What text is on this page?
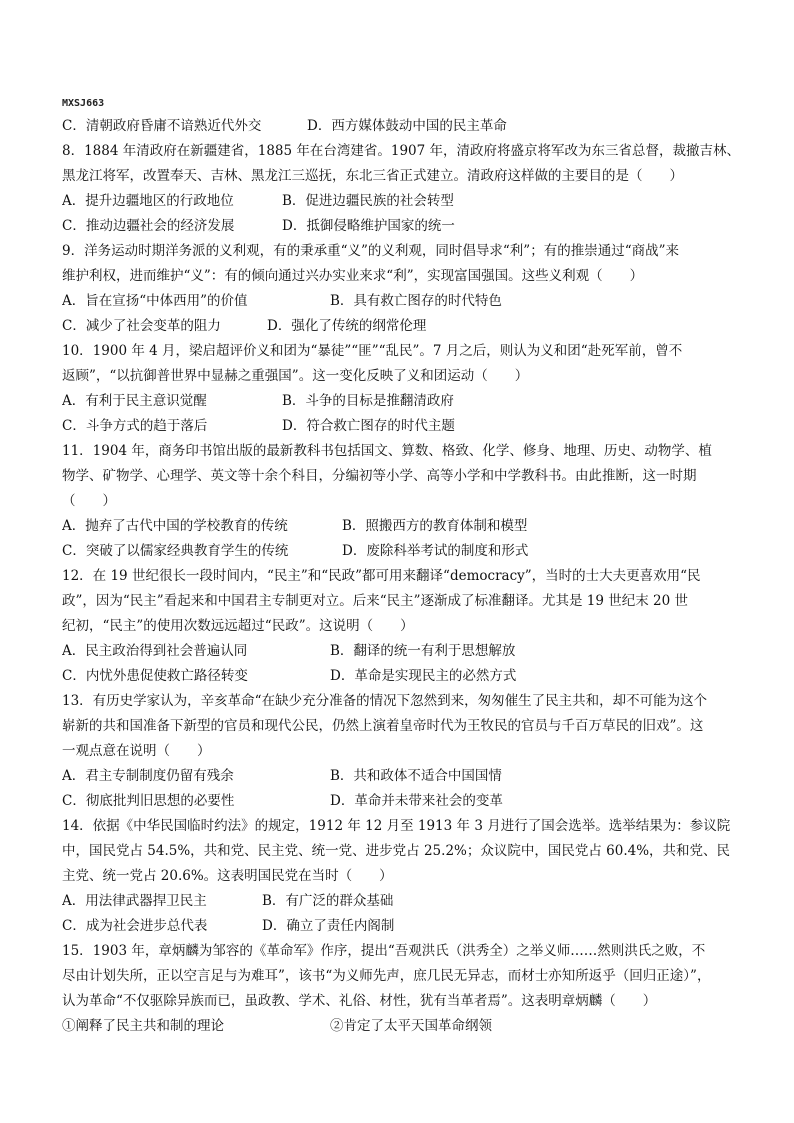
MXSJ663
C．清朝政府昏庸不谙熟近代外交	D．西方媒体鼓动中国的民主革命
8．1884 年清政府在新疆建省，1885 年在台湾建省。1907 年，清政府将盛京将军改为东三省总督，裁撤吉林、
黑龙江将军，改置奉天、吉林、黑龙江三巡抚，东北三省正式建立。清政府这样做的主要目的是（　　）
A．提升边疆地区的行政地位	B．促进边疆民族的社会转型
C．推动边疆社会的经济发展	D．抵御侵略维护国家的统一
9．洋务运动时期洋务派的义利观，有的秉承重“义”的义利观，同时倡导求“利”；有的推崇通过“商战”来
维护利权，进而维护“义”：有的倾向通过兴办实业来求“利”，实现富国强国。这些义利观（　　）
A．旨在宣扬“中体西用”的价值	B．具有救亡图存的时代特色
C．减少了社会变革的阻力	D．强化了传统的纲常伦理
10．1900 年 4 月，梁启超评价义和团为“暴徒”“匪”“乱民”。7 月之后，则认为义和团“赴死军前，曾不
返顾”，“以抗御普世界中显赫之重强国”。这一变化反映了义和团运动（　　）
A．有利于民主意识觉醒	B．斗争的目标是推翻清政府
C．斗争方式的趋于落后	D．符合救亡图存的时代主题
11．1904 年，商务印书馆出版的最新教科书包括国文、算数、格致、化学、修身、地理、历史、动物学、植
物学、矿物学、心理学、英文等十余个科目，分编初等小学、高等小学和中学教科书。由此推断，这一时期
（　　）
A．抛弃了古代中国的学校教育的传统	B．照搬西方的教育体制和模型
C．突破了以儒家经典教育学生的传统	D．废除科举考试的制度和形式
12．在 19 世纪很长一段时间内，“民主”和“民政”都可用来翻译“democracy”，当时的士大夫更喜欢用“民
政”，因为“民主”看起来和中国君主专制更对立。后来“民主”逐渐成了标准翻译。尤其是 19 世纪末 20 世
纪初，“民主”的使用次数远远超过“民政”。这说明（　　）
A．民主政治得到社会普遍认同	B．翻译的统一有利于思想解放
C．内忧外患促使救亡路径转变	D．革命是实现民主的必然方式
13．有历史学家认为，辛亥革命“在缺少充分准备的情况下忽然到来，匆匆催生了民主共和，却不可能为这个
崭新的共和国准备下新型的官员和现代公民，仍然上演着皇帝时代为王牧民的官员与千百万草民的旧戏”。这
一观点意在说明（　　）
A．君主专制制度仍留有残余	B．共和政体不适合中国国情
C．彻底批判旧思想的必要性	D．革命并未带来社会的变革
14．依据《中华民国临时约法》的规定，1912 年 12 月至 1913 年 3 月进行了国会选举。选举结果为：参议院
中，国民党占 54.5%，共和党、民主党、统一党、进步党占 25.2%；众议院中，国民党占 60.4%，共和党、民
主党、统一党占 20.6%。这表明国民党在当时（　　）
A．用法律武器捍卫民主	B．有广泛的群众基础
C．成为社会进步总代表	D．确立了责任内阁制
15．1903 年，章炳麟为邹容的《革命军》作序，提出“吾观洪氏（洪秀全）之举义师……然则洪氏之败，不
尽由计划失所，正以空言足与为难耳”，该书“为义师先声，庶几民无异志，而材士亦知所返乎（回归正途）”，
认为革命“不仅驱除异族而已，虽政教、学术、礼俗、材性，犹有当革者焉”。这表明章炳麟（　　）
①阐释了民主共和制的理论	②肯定了太平天国革命纲领
